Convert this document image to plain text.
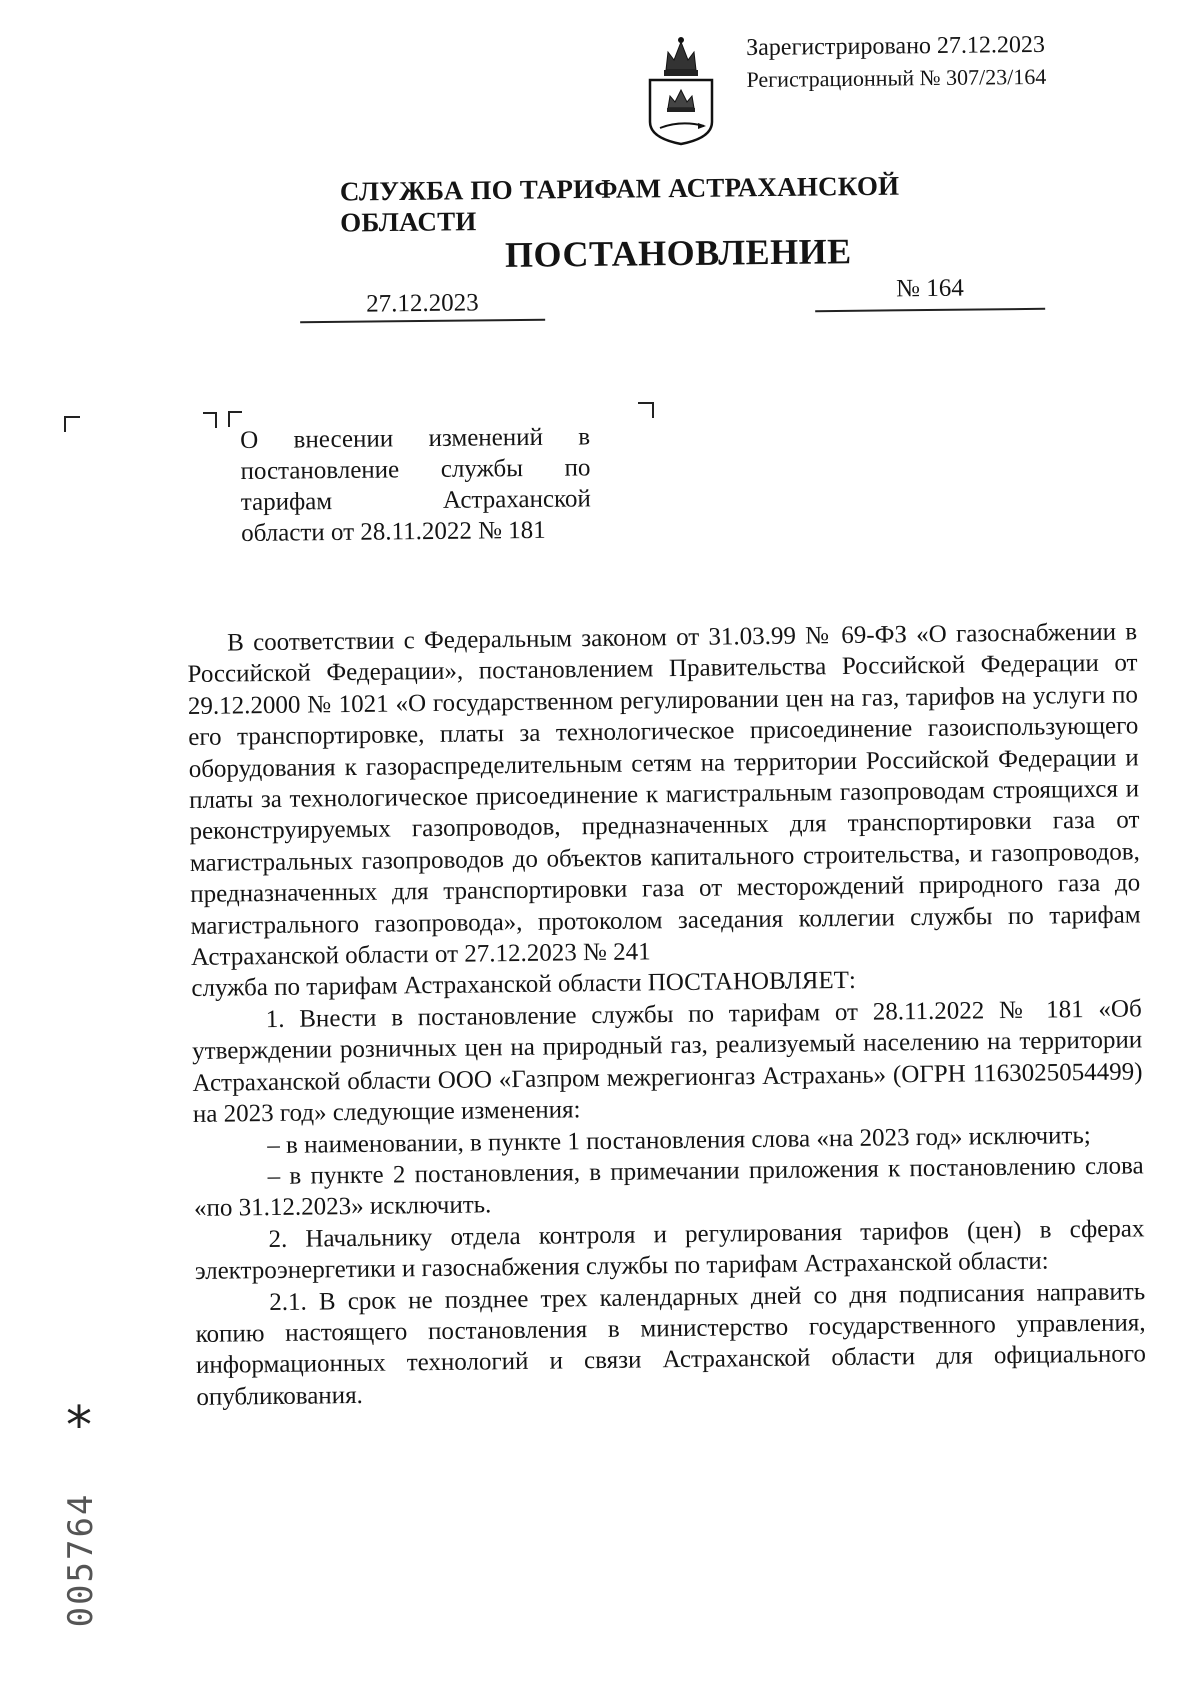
Зарегистрировано 27.12.2023
Регистрационный № 307/23/164
СЛУЖБА ПО ТАРИФАМ АСТРАХАНСКОЙ ОБЛАСТИ
ПОСТАНОВЛЕНИЕ
27.12.2023
№ 164

О внесении изменений в

постановление службы по

тарифам Астраханской

области от 28.11.2022 № 181

В соответствии с Федеральным законом от 31.03.99 № 69-ФЗ «О газоснабжении в Российской Федерации», постановлением Правительства Российской Федерации от 29.12.2000 № 1021 «О государственном регулировании цен на газ, тарифов на услуги по его транспортировке, платы за технологическое присоединение газоиспользующего оборудования к газораспределительным сетям на территории Российской Федерации и платы за технологическое присоединение к магистральным газопроводам строящихся и реконструируемых газопроводов, предназначенных для транспортировки газа от магистральных газопроводов до объектов капитального строительства, и газопроводов, предназначенных для транспортировки газа от месторождений природного газа до магистрального газопровода», протоколом заседания коллегии службы по тарифам Астраханской области от 27.12.2023 № 241

служба по тарифам Астраханской области ПОСТАНОВЛЯЕТ:

1. Внести в постановление службы по тарифам от 28.11.2022 № 181 «Об утверждении розничных цен на природный газ, реализуемый населению на территории Астраханской области ООО «Газпром межрегионгаз Астрахань» (ОГРН 1163025054499) на 2023 год» следующие изменения:

– в наименовании, в пункте 1 постановления слова «на 2023 год» исключить;

– в пункте 2 постановления, в примечании приложения к постановлению слова «по 31.12.2023» исключить.

2. Начальнику отдела контроля и регулирования тарифов (цен) в сферах электроэнергетики и газоснабжения службы по тарифам Астраханской области:

2.1. В срок не позднее трех календарных дней со дня подписания направить копию настоящего постановления в министерство государственного управления, информационных технологий и связи Астраханской области для официального опубликования.

*
005764
